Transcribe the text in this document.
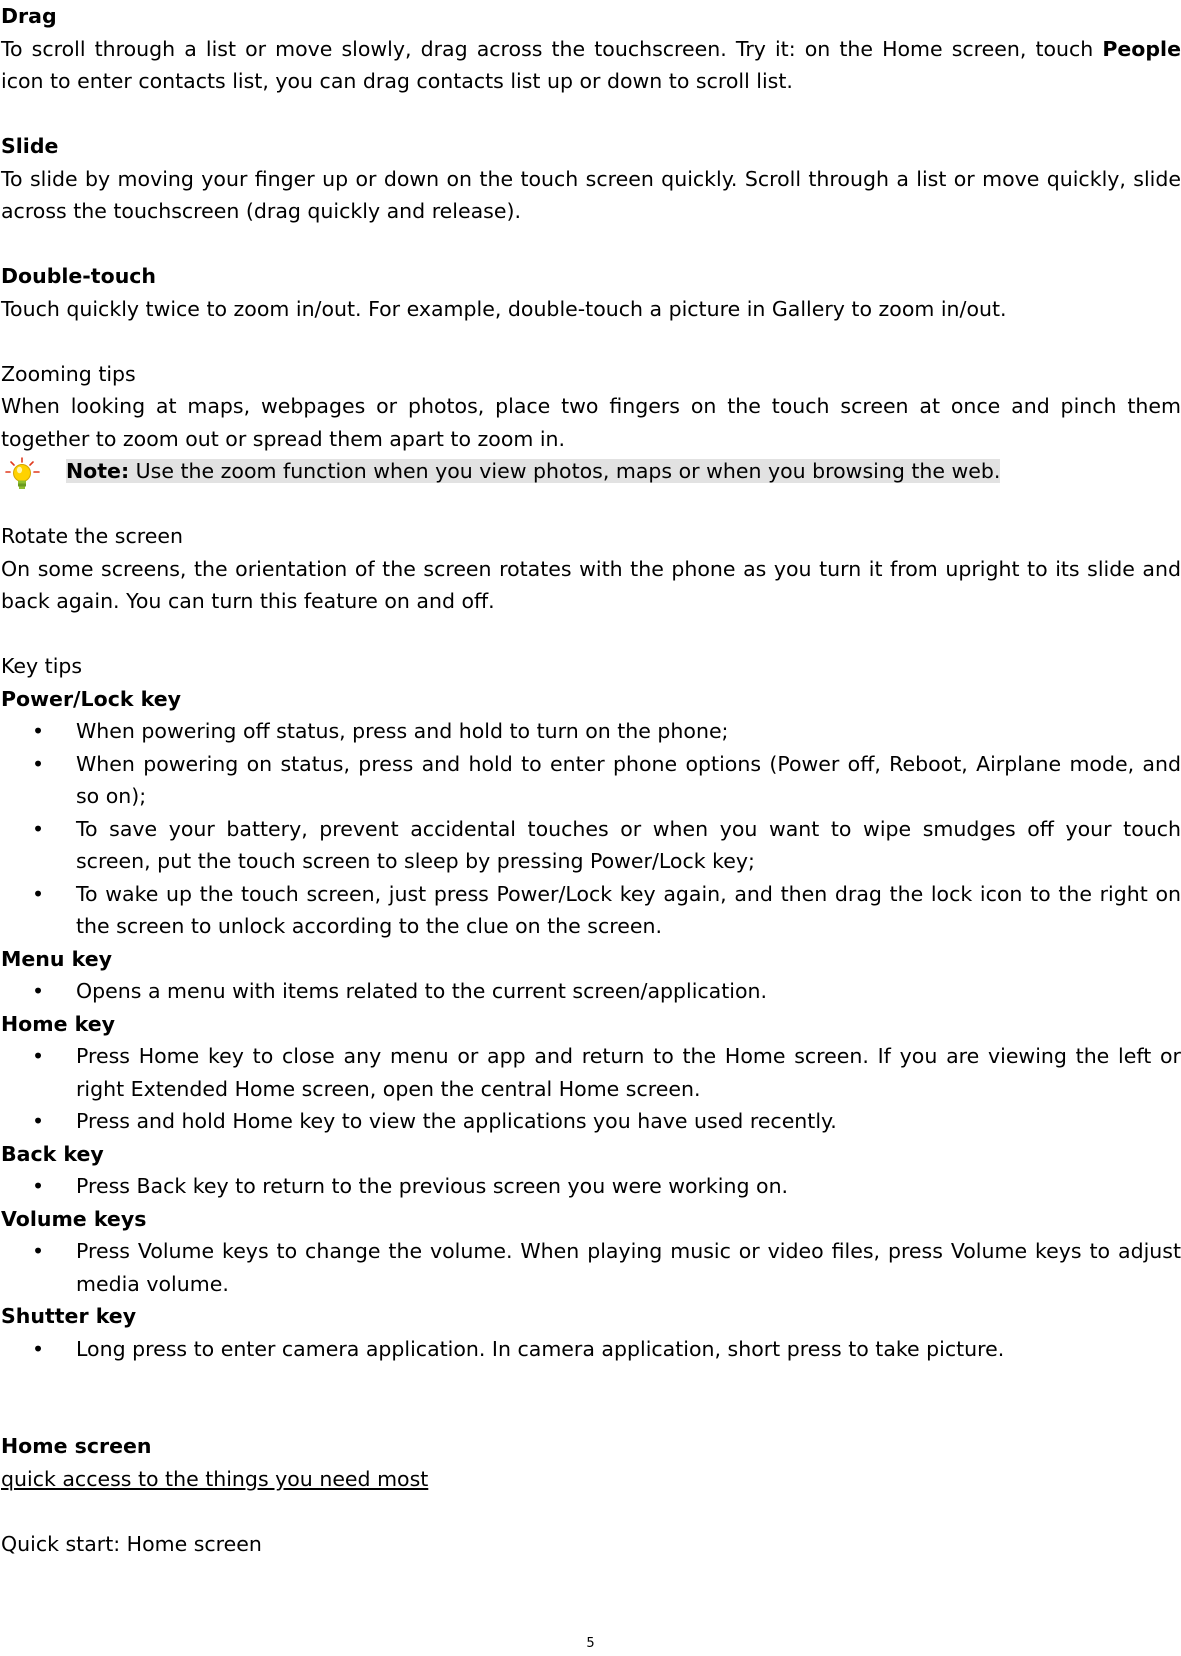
Drag

To scroll through a list or move slowly, drag across the touchscreen. Try it: on the Home screen, touch People icon to enter contacts list, you can drag contacts list up or down to scroll list.

Slide

To slide by moving your finger up or down on the touch screen quickly. Scroll through a list or move quickly, slide across the touchscreen (drag quickly and release).

Double-touch

Touch quickly twice to zoom in/out. For example, double-touch a picture in Gallery to zoom in/out.

Zooming tips

When looking at maps, webpages or photos, place two fingers on the touch screen at once and pinch them together to zoom out or spread them apart to zoom in.

Note: Use the zoom function when you view photos, maps or when you browsing the web.

Rotate the screen

On some screens, the orientation of the screen rotates with the phone as you turn it from upright to its slide and back again. You can turn this feature on and off.

Key tips

Power/Lock key

• When powering off status, press and hold to turn on the phone;
• When powering on status, press and hold to enter phone options (Power off, Reboot, Airplane mode, and so on);
• To save your battery, prevent accidental touches or when you want to wipe smudges off your touch screen, put the touch screen to sleep by pressing Power/Lock key;
• To wake up the touch screen, just press Power/Lock key again, and then drag the lock icon to the right on the screen to unlock according to the clue on the screen.

Menu key

• Opens a menu with items related to the current screen/application.

Home key

• Press Home key to close any menu or app and return to the Home screen. If you are viewing the left or right Extended Home screen, open the central Home screen.
• Press and hold Home key to view the applications you have used recently.

Back key

• Press Back key to return to the previous screen you were working on.

Volume keys

• Press Volume keys to change the volume. When playing music or video files, press Volume keys to adjust media volume.

Shutter key

• Long press to enter camera application. In camera application, short press to take picture.

Home screen

quick access to the things you need most

Quick start: Home screen

5
